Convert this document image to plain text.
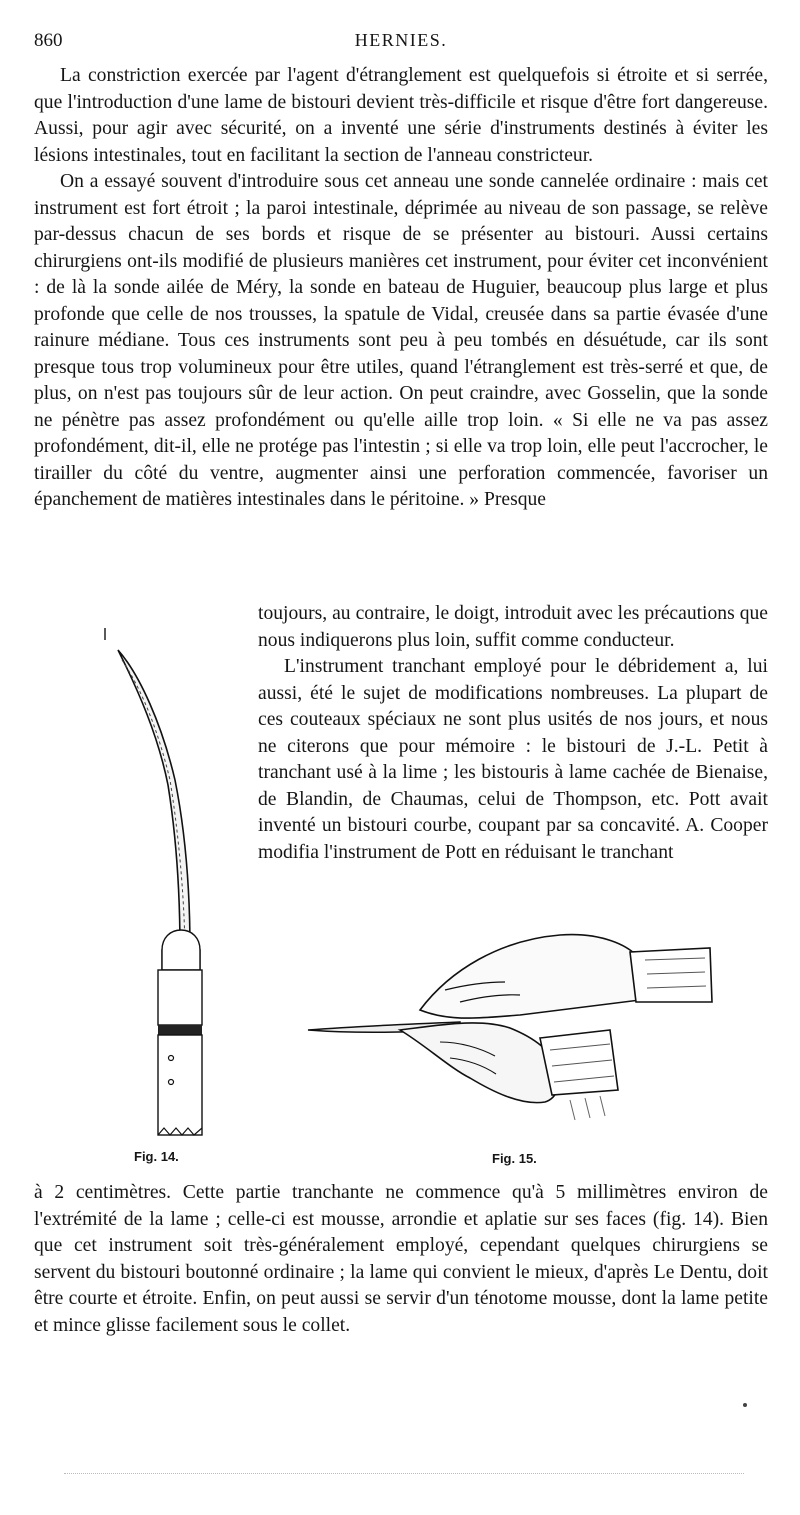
860	HERNIES.

La constriction exercée par l'agent d'étranglement est quelquefois si étroite et si serrée, que l'introduction d'une lame de bistouri devient très-difficile et risque d'être fort dangereuse. Aussi, pour agir avec sécurité, on a inventé une série d'instruments destinés à éviter les lésions intestinales, tout en facilitant la section de l'anneau constricteur.

On a essayé souvent d'introduire sous cet anneau une sonde cannelée ordinaire : mais cet instrument est fort étroit ; la paroi intestinale, déprimée au niveau de son passage, se relève par-dessus chacun de ses bords et risque de se présenter au bistouri. Aussi certains chirurgiens ont-ils modifié de plusieurs manières cet instrument, pour éviter cet inconvénient : de là la sonde ailée de Méry, la sonde en bateau de Huguier, beaucoup plus large et plus profonde que celle de nos trousses, la spatule de Vidal, creusée dans sa partie évasée d'une rainure médiane. Tous ces instruments sont peu à peu tombés en désuétude, car ils sont presque tous trop volumineux pour être utiles, quand l'étranglement est très-serré et que, de plus, on n'est pas toujours sûr de leur action. On peut craindre, avec Gosselin, que la sonde ne pénètre pas assez profondément ou qu'elle aille trop loin. « Si elle ne va pas assez profondément, dit-il, elle ne protége pas l'intestin ; si elle va trop loin, elle peut l'accrocher, le tirailler du côté du ventre, augmenter ainsi une perforation commencée, favoriser un épanchement de matières intestinales dans le péritoine. » Presque

toujours, au contraire, le doigt, introduit avec les précautions que nous indiquerons plus loin, suffit comme conducteur.

L'instrument tranchant employé pour le débridement a, lui aussi, été le sujet de modifications nombreuses. La plupart de ces couteaux spéciaux ne sont plus usités de nos jours, et nous ne citerons que pour mémoire : le bistouri de J.-L. Petit à tranchant usé à la lime ; les bistouris à lame cachée de Bienaise, de Blandin, de Chaumas, celui de Thompson, etc. Pott avait inventé un bistouri courbe, coupant par sa concavité. A. Cooper modifia l'instrument de Pott en réduisant le tranchant

Fig. 14.	Fig. 15.

à 2 centimètres. Cette partie tranchante ne commence qu'à 5 millimètres environ de l'extrémité de la lame ; celle-ci est mousse, arrondie et aplatie sur ses faces (fig. 14). Bien que cet instrument soit très-généralement employé, cependant quelques chirurgiens se servent du bistouri boutonné ordinaire ; la lame qui convient le mieux, d'après Le Dentu, doit être courte et étroite. Enfin, on peut aussi se servir d'un ténotome mousse, dont la lame petite et mince glisse facilement sous le collet.
